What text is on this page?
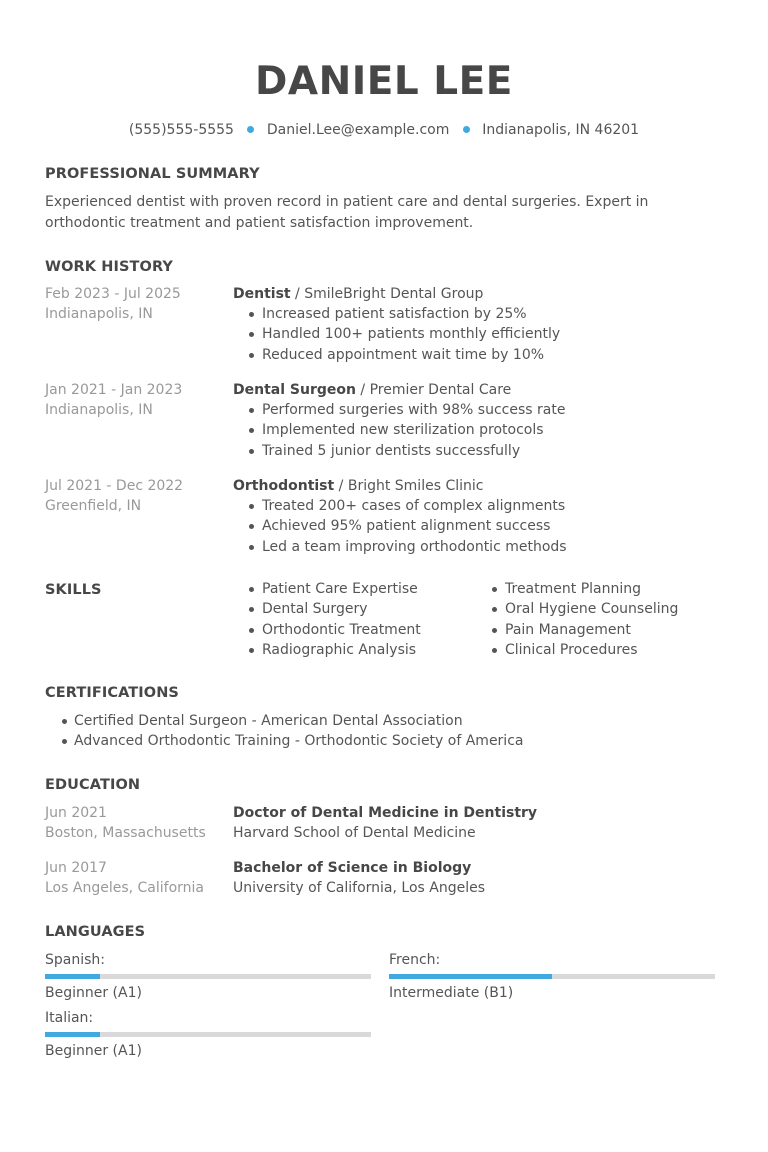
DANIEL LEE
(555)555-5555 Daniel.Lee@example.com Indianapolis, IN 46201
PROFESSIONAL SUMMARY
Experienced dentist with proven record in patient care and dental surgeries. Expert in orthodontic treatment and patient satisfaction improvement.
WORK HISTORY
Feb 2023 - Jul 2025
Indianapolis, IN
Dentist / SmileBright Dental Group
Increased patient satisfaction by 25%
Handled 100+ patients monthly efficiently
Reduced appointment wait time by 10%
Jan 2021 - Jan 2023
Indianapolis, IN
Dental Surgeon / Premier Dental Care
Performed surgeries with 98% success rate
Implemented new sterilization protocols
Trained 5 junior dentists successfully
Jul 2021 - Dec 2022
Greenfield, IN
Orthodontist / Bright Smiles Clinic
Treated 200+ cases of complex alignments
Achieved 95% patient alignment success
Led a team improving orthodontic methods
SKILLS	Patient Care Expertise
Dental Surgery
Orthodontic Treatment
Radiographic Analysis
Treatment Planning
Oral Hygiene Counseling
Pain Management
Clinical Procedures
CERTIFICATIONS
Certified Dental Surgeon - American Dental Association
Advanced Orthodontic Training - Orthodontic Society of America
EDUCATION
Jun 2021
Boston, Massachusetts
Doctor of Dental Medicine in Dentistry
Harvard School of Dental Medicine
Jun 2017
Los Angeles, California
Bachelor of Science in Biology
University of California, Los Angeles
LANGUAGES
Spanish:
Beginner (A1)
French:
Intermediate (B1)
Italian:
Beginner (A1)
